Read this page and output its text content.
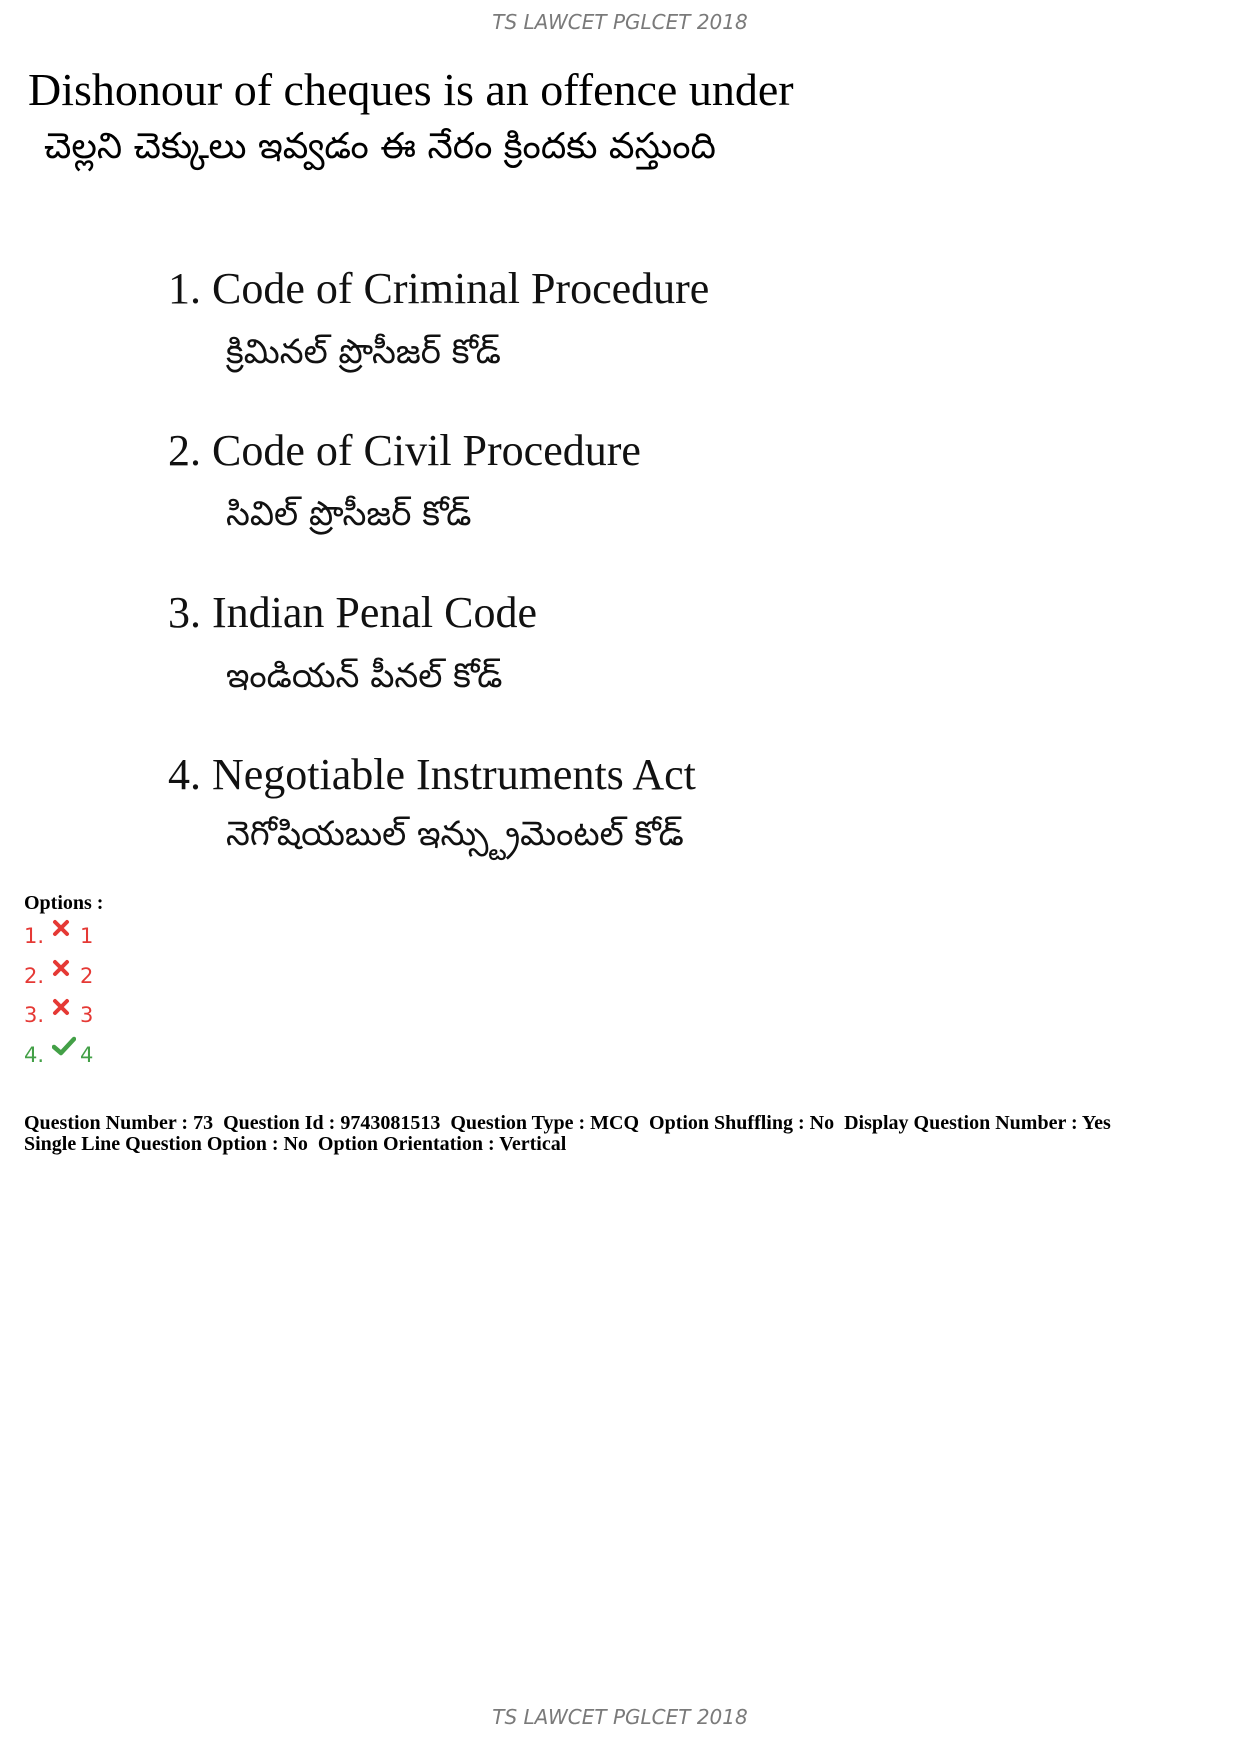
TS LAWCET PGLCET 2018

Dishonour of cheques is an offence under

చెల్లని చెక్కులు ఇవ్వడం ఈ నేరం క్రిందకు వస్తుంది

1. Code of Criminal Procedure

క్రిమినల్ ప్రొసీజర్ కోడ్

2. Code of Civil Procedure

సివిల్ ప్రొసీజర్ కోడ్

3. Indian Penal Code

ఇండియన్ పీనల్ కోడ్

4. Negotiable Instruments Act

నెగోషియబుల్ ఇన్స్ట్రుమెంటల్ కోడ్

Options :
1.	1
2.	2
3.	3
4.	4
Question Number : 73  Question Id : 9743081513  Question Type : MCQ  Option Shuffling : No  Display Question Number : Yes
Single Line Question Option : No  Option Orientation : Vertical
TS LAWCET PGLCET 2018
